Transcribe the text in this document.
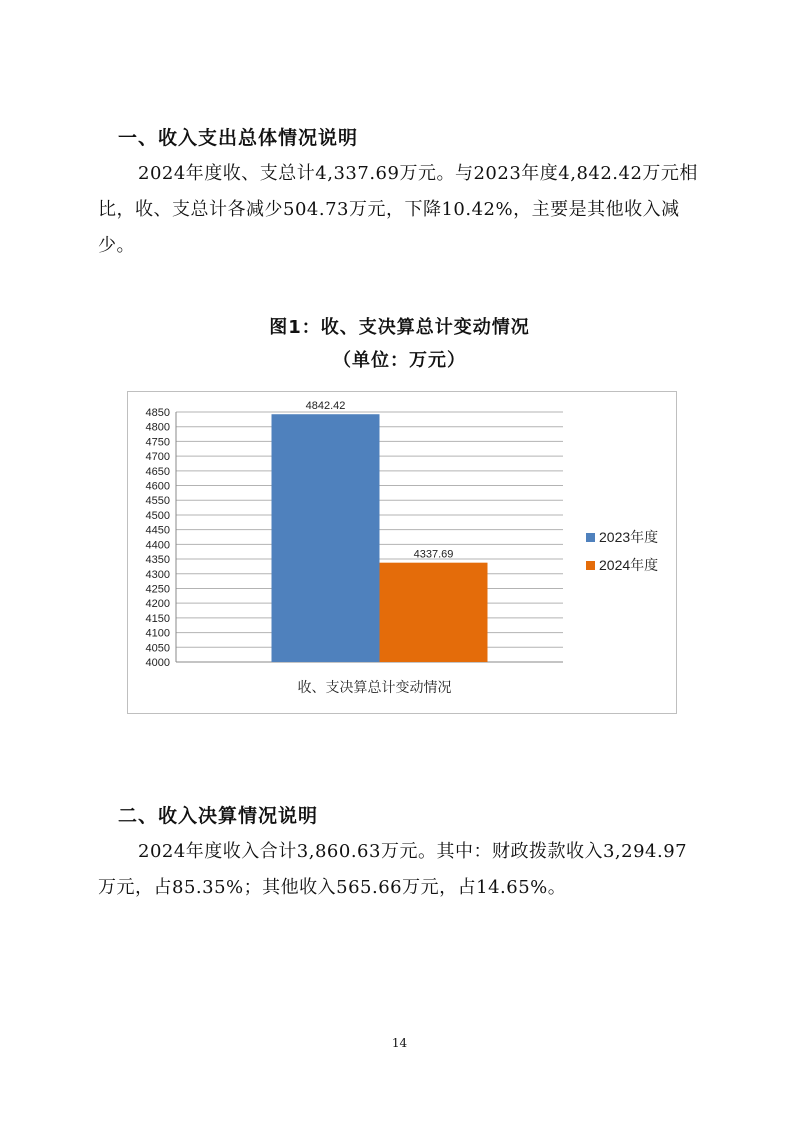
一、收入支出总体情况说明

2024年度收、支总计4,337.69万元。与2023年度4,842.42万元相比，收、支总计各减少504.73万元，下降10.42%，主要是其他收入减少。

图1：收、支决算总计变动情况

（单位：万元）

4000
4050
4100
4150
4200
4250
4300
4350
4400
4450
4500
4550
4600
4650
4700
4750
4800
4850
4842.42
4337.69
收、支决算总计变动情况
2023年度
2024年度
二、收入决算情况说明

2024年度收入合计3,860.63万元。其中：财政拨款收入3,294.97万元，占85.35%；其他收入565.66万元，占14.65%。

14
